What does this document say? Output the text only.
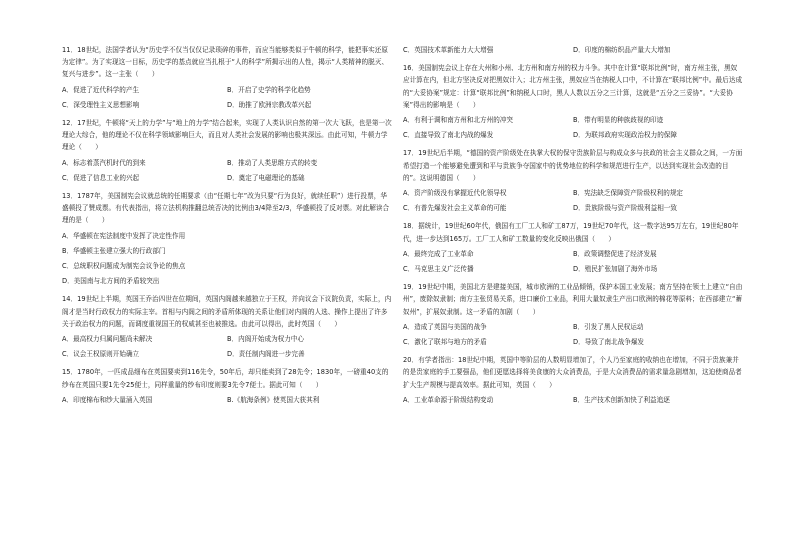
11．18世纪，法国学者认为“历史学不仅当仅仅记录琐碎的事件，而应当能够类似于牛顿的科学，能把事实还原为定律”。为了实现这一目标，历史学的基点就应当扎根于“人的科学”所揭示出的人性，揭示“人类精神的脱灭、复兴与进步”。这一主张（　　）
A．促进了近代科学的产生	B．开启了史学的科学化趋势
C．深受理性主义思想影响	D．助推了欧洲宗教改革兴起
12．17世纪，牛顿将“天上的力学”与“地上的力学”结合起来，实现了人类认识自然的第一次大飞跃，也是第一次理论大综合，他的理论不仅在科学领域影响巨大，而且对人类社会发展的影响也极其深远。由此可知，牛顿力学理论（　　）
A．标志着蒸汽机时代的到来	B．推动了人类思维方式的转变
C．促进了信息工业的兴起	D．奠定了电磁理论的基础
13．1787年，美国制宪会议就总统的任期要求（由“任期七年”改为只要“行为良好，就续任职”）进行投票，华盛顿投了赞成票。有代表指出，将立法机构推翻总统否决的比例由3/4降至2/3，华盛顿投了反对票。对此解读合理的是（　　）
A．华盛顿在宪法制度中发挥了决定性作用
B．华盛顿主张建立强大的行政部门
C．总统职权问题成为制宪会议争论的焦点
D．美国南与北方间的矛盾较突出
14．19世纪上半期，英国王乔治四世在位期间，英国内阁越来越独立于王权，并向议会下议院负责，实际上，内阁才是当时行政权力的实际主宰。首相与内阁之间的矛盾所体现的关系让他们对内阁的人选、操作上提出了许多关于政治权力的问题，而调度重视国王的权威甚至也被推选。由此可以得出，此时英国（　　）
A．最高权力归属问题尚未解决	B．内阁开始成为权力中心
C．议会王权原则开始确立	D．责任制内阁进一步完善
15．1780年，一匹成品细布在英国要卖到116先令，50年后，却只能卖到了28先令；1830年，一磅重40支的纱布在英国只要1先令25便士，同样重量的纱布印度则要3先令7便士。据此可知（　　）
A．印度棉布和纱大量涌入英国	B.《航海条例》使英国大获其利
C．英国技术革新能力大大增强	D．印度的棉纺织品产量大大增加
16．美国制宪会议上存在大州和小州、北方州和南方州的权力斗争。其中在计算“联邦比例”时，南方州主张，黑奴应计算在内，但北方坚决反对把黑奴计入；北方州主张，黑奴应当在纳税人口中，不计算在“联邦比例”中。最后达成的“大妥协案”规定：计算“联邦比例”和纳税人口时，黑人人数以五分之三计算，这就是“五分之三妥协”。“大妥协案”得出的影响是（　　）
A．有利于调和南方州和北方州的冲突	B．带有明显的种族歧视的印迹
C．直接导致了南北内战的爆发	D．为联邦政府实现政治权力的保障
17．19世纪后半期，“德国的资产阶级处在执掌大权的保守贵族阶层与构成众多与扶政的社会主义群众之间，一方面希望打造一个能够避免遭到和平与贵族争夺国家中的优势地位的科学和规范进行生产，以达到实现社会改造的目的”。这说明德国（　　）
A．资产阶级没有掌握近代化领导权	B．宪法缺乏保障资产阶级权利的规定
C．有普先爆发社会主义革命的可能	D．贵族阶级与资产阶级利益相一致
18．据统计，19世纪60年代，俄国有工厂工人和矿工87万，19世纪70年代，这一数字达95万左右，19世纪80年代，进一步达到165万。工厂工人和矿工数量的变化反映出俄国（　　）
A．最终完成了工业革命	B．政策调整促进了经济发展
C．马克思主义广泛传播	D．殖民扩张加剧了海外市场
19．19世纪中期，美国北方是建接美国，城市欧洲的工业品倾销，保护本国工业发展；南方坚持在领土上建立“自由州”，废除奴隶制；南方主张贸易关系，进口廉价工业品，利用大量奴隶生产出口欧洲的棉花等原料；在西部建立“蓄奴州”，扩展奴隶制。这一矛盾的加剧（　　）
A．造成了英国与美国的战争	B．引发了黑人民权运动
C．激化了联邦与地方的矛盾	D．导致了南北战争爆发
20．有学者指出：18世纪中期，英国中等阶层的人数明显增加了，个人乃至家庭的收纳也在增加，不同于贵族兼并的是贵家庭的手工要强品，他们更愿选择将美食康的大众消费品，于是大众消费品的需求量急剧增加，这迫使商品者扩大生产规模与提高效率。据此可知，英国（　　）
A．工业革命源于阶级结构变动	B．生产技术创新加快了利益追逐
